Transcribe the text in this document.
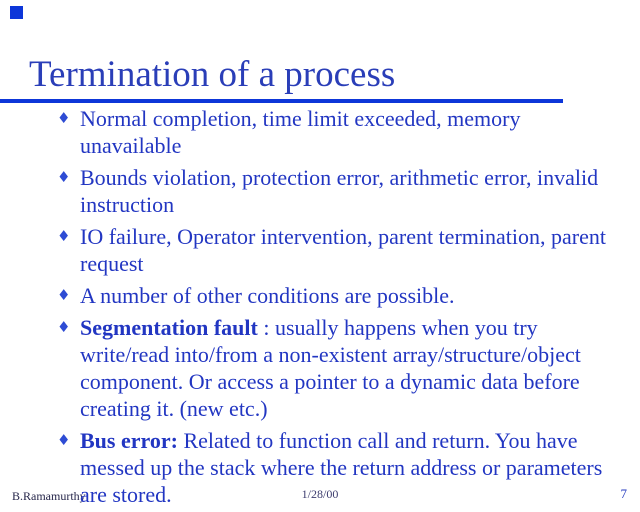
Termination of a process
♦ Normal completion, time limit exceeded, memory unavailable
♦ Bounds violation, protection error, arithmetic error, invalid instruction
♦ IO failure, Operator intervention, parent termination, parent request
♦ A number of other conditions are possible.
♦ Segmentation fault : usually happens when you try write/read into/from a non-existent array/structure/object component. Or access a pointer to a dynamic data before creating it. (new etc.)
♦ Bus error: Related to function call and return. You have messed up the stack where the return address or parameters are stored.
B.Ramamurthy	1/28/00	7
